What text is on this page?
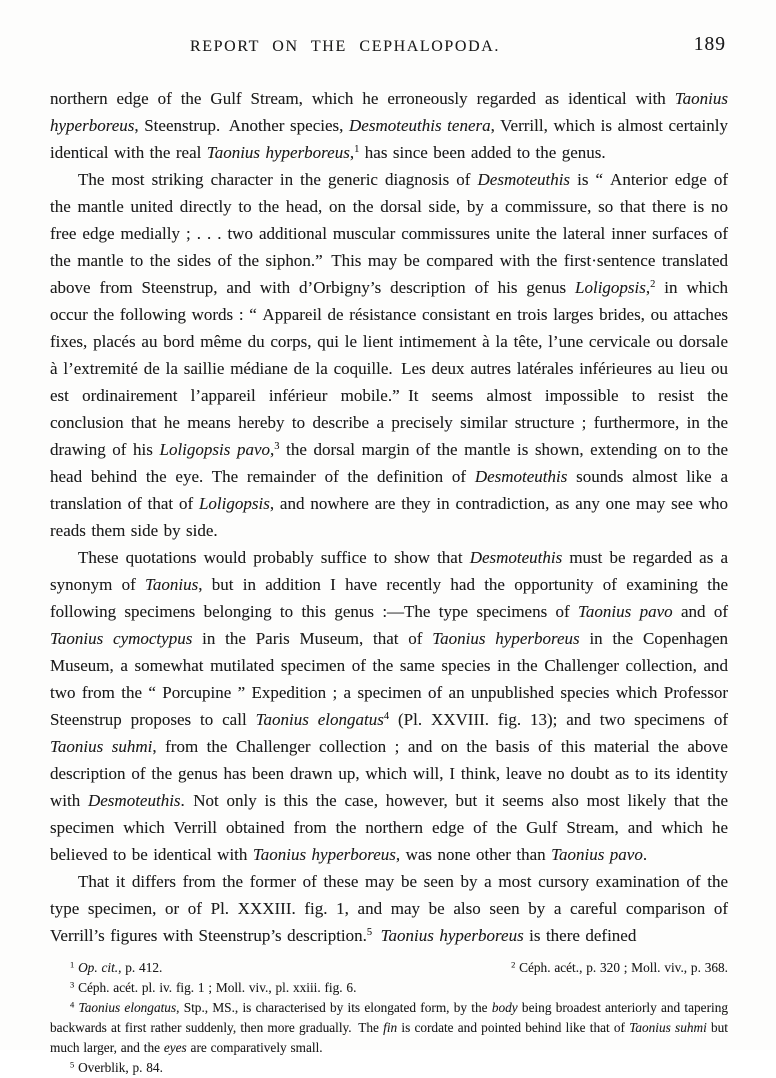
REPORT ON THE CEPHALOPODA.	189

northern edge of the Gulf Stream, which he erroneously regarded as identical with Taonius hyperboreus, Steenstrup. Another species, Desmoteuthis tenera, Verrill, which is almost certainly identical with the real Taonius hyperboreus,$^1$ has since been added to the genus.

The most striking character in the generic diagnosis of Desmoteuthis is “ Anterior edge of the mantle united directly to the head, on the dorsal side, by a commissure, so that there is no free edge medially ; . . . two additional muscular commissures unite the lateral inner surfaces of the mantle to the sides of the siphon.” This may be compared with the first·sentence translated above from Steenstrup, and with d’Orbigny’s description of his genus Loligopsis,$^2$ in which occur the following words : “ Appareil de résistance consistant en trois larges brides, ou attaches fixes, placés au bord même du corps, qui le lient intimement à la tête, l’une cervicale ou dorsale à l’extremité de la saillie médiane de la coquille. Les deux autres latérales inférieures au lieu ou est ordinairement l’appareil inférieur mobile.” It seems almost impossible to resist the conclusion that he means hereby to describe a precisely similar structure ; furthermore, in the drawing of his Loligopsis pavo,$^3$ the dorsal margin of the mantle is shown, extending on to the head behind the eye. The remainder of the definition of Desmoteuthis sounds almost like a translation of that of Loligopsis, and nowhere are they in contradiction, as any one may see who reads them side by side.

These quotations would probably suffice to show that Desmoteuthis must be regarded as a synonym of Taonius, but in addition I have recently had the opportunity of examining the following specimens belonging to this genus :—The type specimens of Taonius pavo and of Taonius cymoctypus in the Paris Museum, that of Taonius hyperboreus in the Copenhagen Museum, a somewhat mutilated specimen of the same species in the Challenger collection, and two from the “ Porcupine ” Expedition ; a specimen of an unpublished species which Professor Steenstrup proposes to call Taonius elongatus$^4$ (Pl. XXVIII. fig. 13); and two specimens of Taonius suhmi, from the Challenger collection ; and on the basis of this material the above description of the genus has been drawn up, which will, I think, leave no doubt as to its identity with Desmoteuthis. Not only is this the case, however, but it seems also most likely that the specimen which Verrill obtained from the northern edge of the Gulf Stream, and which he believed to be identical with Taonius hyperboreus, was none other than Taonius pavo.

That it differs from the former of these may be seen by a most cursory examination of the type specimen, or of Pl. XXXIII. fig. 1, and may be also seen by a careful comparison of Verrill’s figures with Steenstrup’s description.$^5$  Taonius hyperboreus is there defined

$^1$ Op. cit., p. 412.	$^2$ Céph. acét., p. 320 ; Moll. viv., p. 368.

$^3$ Céph. acét. pl. iv. fig. 1 ; Moll. viv., pl. xxiii. fig. 6.

$^4$ Taonius elongatus, Stp., MS., is characterised by its elongated form, by the body being broadest anteriorly and tapering backwards at first rather suddenly, then more gradually. The fin is cordate and pointed behind like that of Taonius suhmi but much larger, and the eyes are comparatively small.

$^5$ Overblik, p. 84.
